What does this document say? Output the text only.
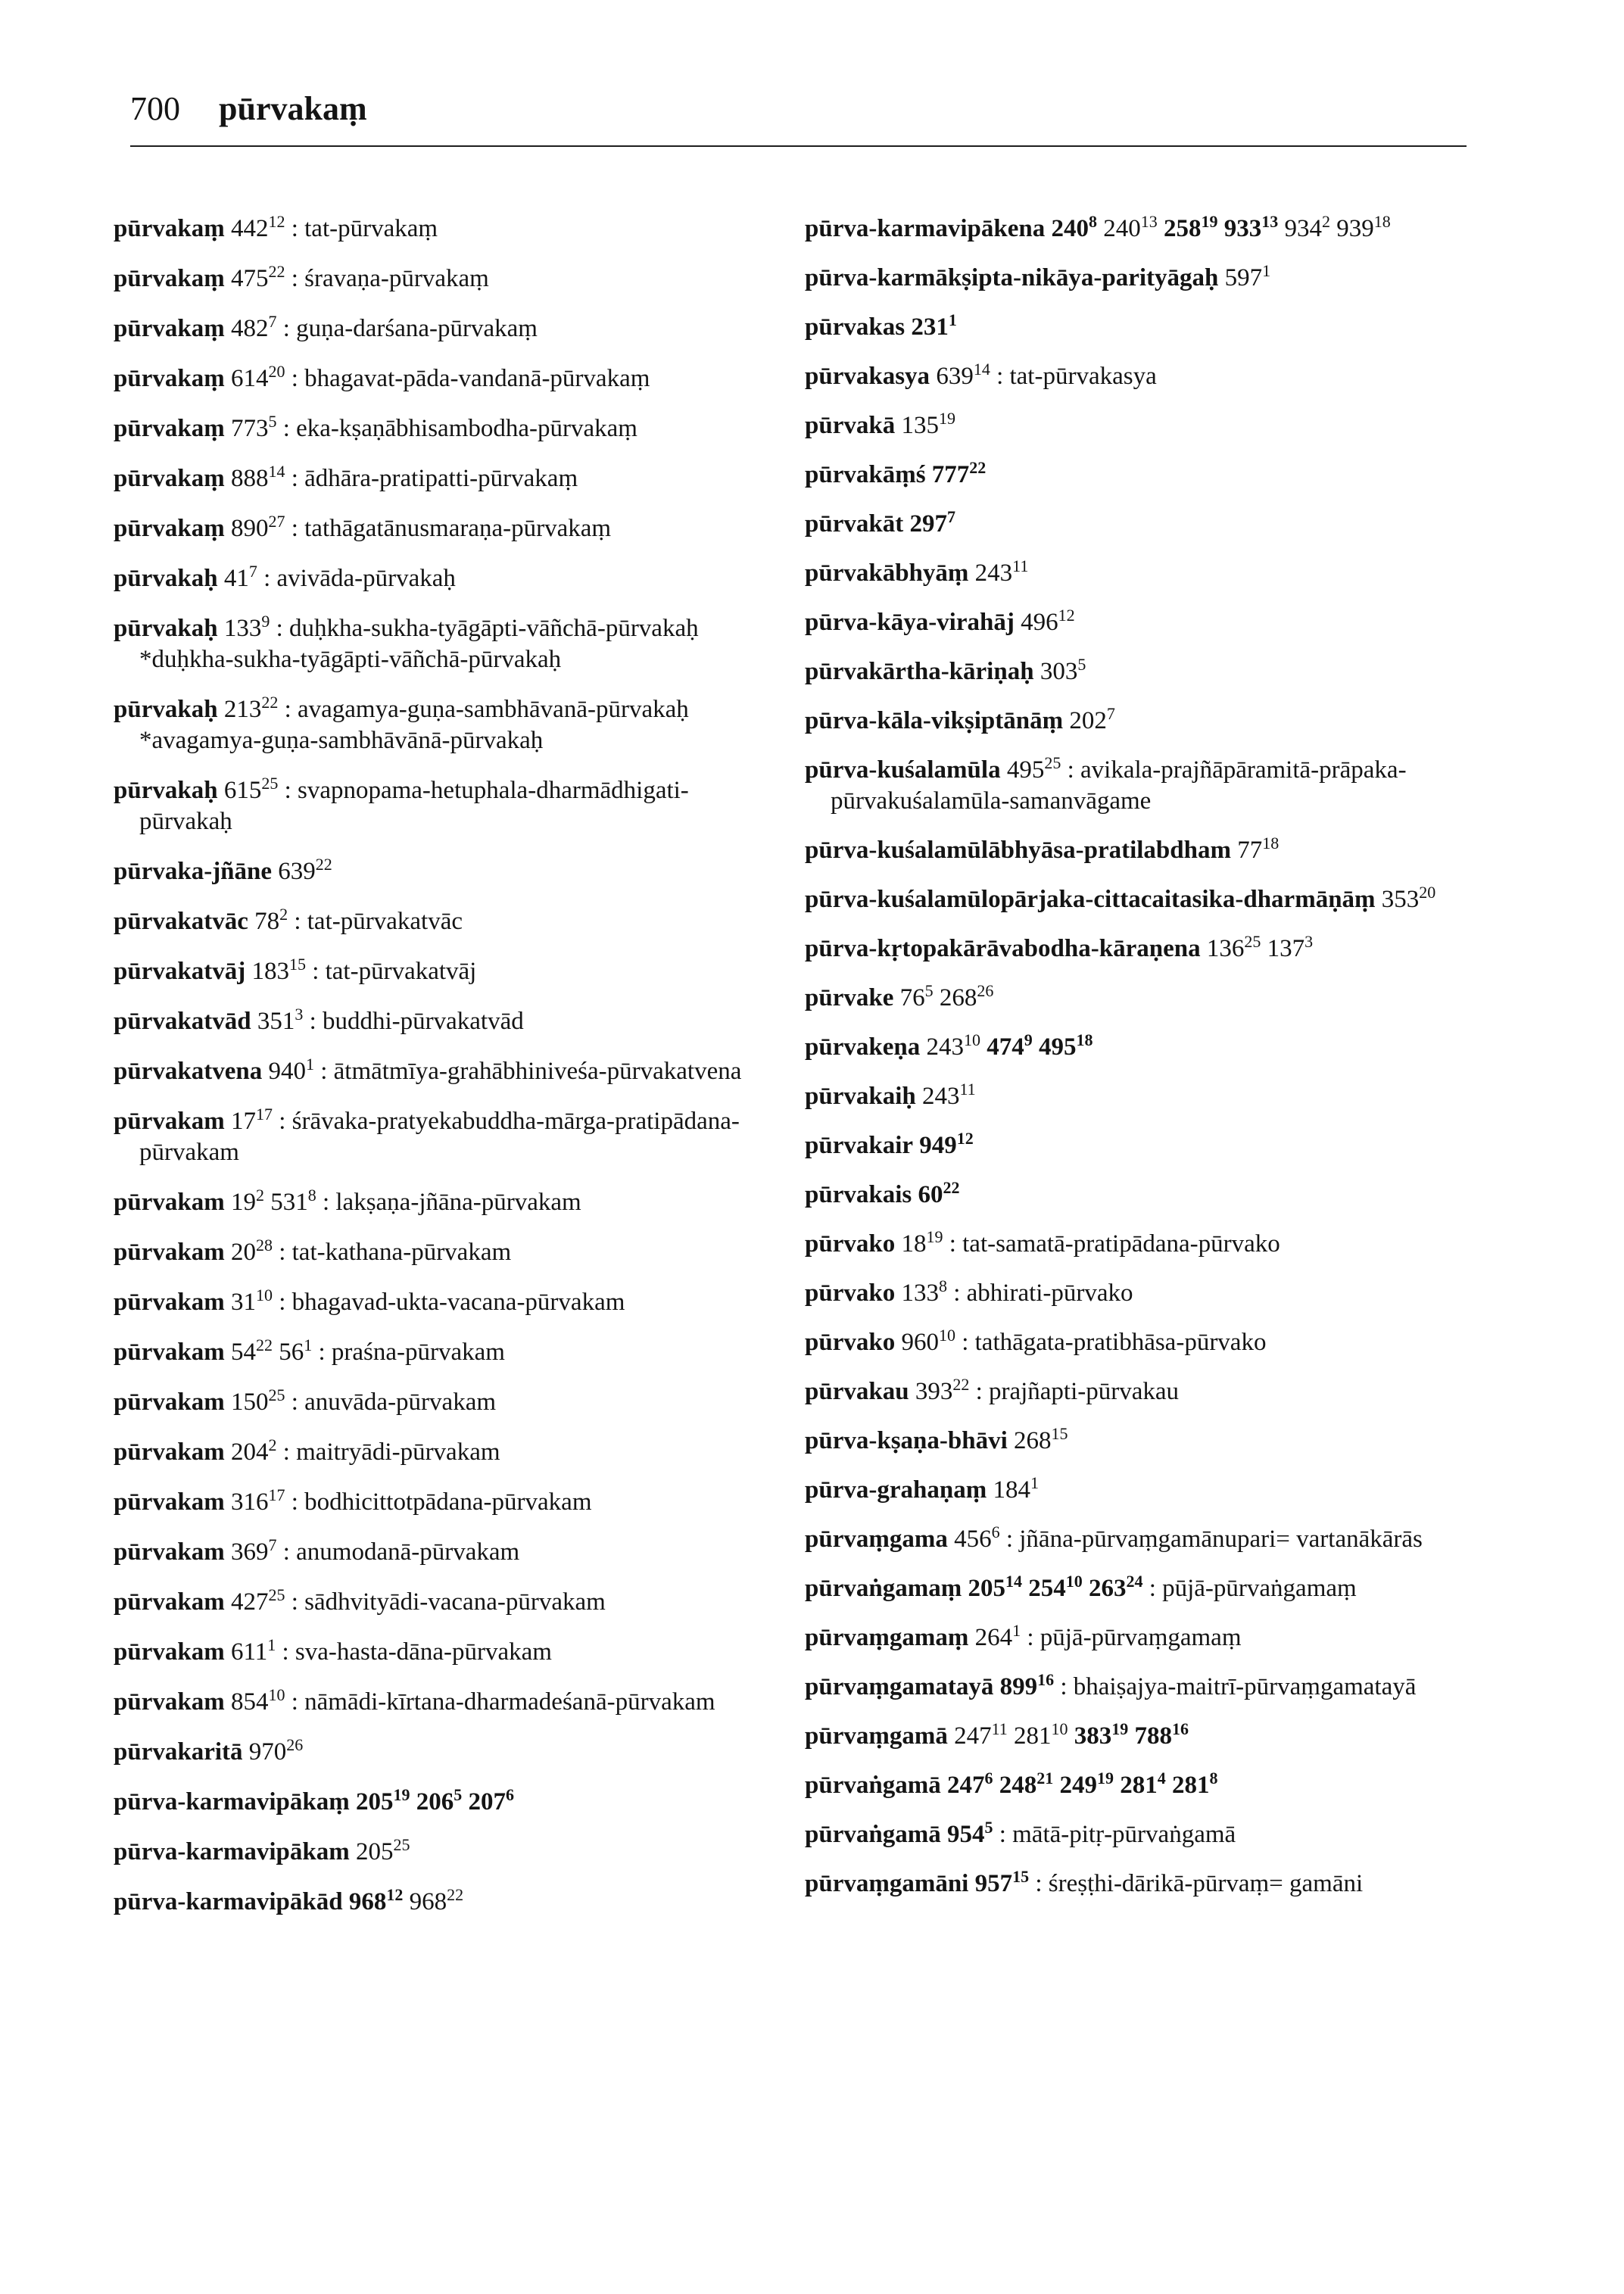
700 pūrvakaṃ
pūrvakaṃ $442^{12}$ : tat-pūrvakaṃ
pūrvakaṃ $475^{22}$ : śravaṇa-pūrvakaṃ
pūrvakaṃ $482^7$ : guṇa-darśana-pūrvakaṃ
pūrvakaṃ $614^{20}$ : bhagavat-pāda-vandanā-pūrvakaṃ
pūrvakaṃ $773^5$ : eka-kṣaṇābhisambodha-pūrvakaṃ
pūrvakaṃ $888^{14}$ : ādhāra-pratipatti-pūrvakaṃ
pūrvakaṃ $890^{27}$ : tathāgatānusmaraṇa-pūrvakaṃ
pūrvakaḥ $41^7$ : avivāda-pūrvakaḥ
pūrvakaḥ $133^9$ : duḥkha-sukha-tyāgāpti-vāñchā-pūrvakaḥ *duḥkha-sukha-tyāgāpti-vāñchā-pūrvakaḥ
pūrvakaḥ $213^{22}$ : avagamya-guṇa-sambhāvanā-pūrvakaḥ *avagamya-guṇa-sambhāvānā-pūrvakaḥ
pūrvakaḥ $615^{25}$ : svapnopama-hetuphala-dharmādhigati-pūrvakaḥ
pūrvaka-jñāne $639^{22}$
pūrvakatvāc $78^2$ : tat-pūrvakatvāc
pūrvakatvāj $183^{15}$ : tat-pūrvakatvāj
pūrvakatvād $351^3$ : buddhi-pūrvakatvād
pūrvakatvena $940^1$ : ātmātmīya-grahābhiniveśa-pūrvakatvena
pūrvakam $17^{17}$ : śrāvaka-pratyekabuddha-mārga-pratipādana-pūrvakam
pūrvakam $19^2$ $531^8$ : lakṣaṇa-jñāna-pūrvakam
pūrvakam $20^{28}$ : tat-kathana-pūrvakam
pūrvakam $31^{10}$ : bhagavad-ukta-vacana-pūrvakam
pūrvakam $54^{22}$ $56^1$ : praśna-pūrvakam
pūrvakam $150^{25}$ : anuvāda-pūrvakam
pūrvakam $204^2$ : maitryādi-pūrvakam
pūrvakam $316^{17}$ : bodhicittotpādana-pūrvakam
pūrvakam $369^7$ : anumodanā-pūrvakam
pūrvakam $427^{25}$ : sādhvityādi-vacana-pūrvakam
pūrvakam $611^1$ : sva-hasta-dāna-pūrvakam
pūrvakam $854^{10}$ : nāmādi-kīrtana-dharmadeśanā-pūrvakam
pūrvakaritā $970^{26}$
pūrva-karmavipākaṃ $205^{19}$ $206^5$ $207^6$
pūrva-karmavipākam $205^{25}$
pūrva-karmavipākād $968^{12}$ $968^{22}$
pūrva-karmavipākena $240^8$ $240^{13}$ $258^{19}$ $933^{13}$ $934^2$ $939^{18}$
pūrva-karmākṣipta-nikāya-parityāgaḥ $597^1$
pūrvakas $231^1$
pūrvakasya $639^{14}$ : tat-pūrvakasya
pūrvakā $135^{19}$
pūrvakāṃś $777^{22}$
pūrvakāt $297^7$
pūrvakābhyāṃ $243^{11}$
pūrva-kāya-virahāj $496^{12}$
pūrvakārtha-kāriṇaḥ $303^5$
pūrva-kāla-vikṣiptānāṃ $202^7$
pūrva-kuśalamūla $495^{25}$ : avikala-prajñāpāramitā-prāpaka-pūrvakuśalamūla-samanvāgame
pūrva-kuśalamūlābhyāsa-pratilabdham $77^{18}$
pūrva-kuśalamūlopārjaka-cittacaitasika-dharmāṇāṃ $353^{20}$
pūrva-kṛtopakārāvabodha-kāraṇena $136^{25}$ $137^3$
pūrvake $76^5$ $268^{26}$
pūrvakeṇa $243^{10}$ $474^9$ $495^{18}$
pūrvakaiḥ $243^{11}$
pūrvakair $949^{12}$
pūrvakais $60^{22}$
pūrvako $18^{19}$ : tat-samatā-pratipādana-pūrvako
pūrvako $133^8$ : abhirati-pūrvako
pūrvako $960^{10}$ : tathāgata-pratibhāsa-pūrvako
pūrvakau $393^{22}$ : prajñapti-pūrvakau
pūrva-kṣaṇa-bhāvi $268^{15}$
pūrva-grahaṇaṃ $184^1$
pūrvaṃgama $456^6$ : jñāna-pūrvaṃgamānupari= vartanākārās
pūrvaṅgamaṃ $205^{14}$ $254^{10}$ $263^{24}$ : pūjā-pūrvaṅgamaṃ
pūrvaṃgamaṃ $264^1$ : pūjā-pūrvaṃgamaṃ
pūrvaṃgamatayā $899^{16}$ : bhaiṣajya-maitrī-pūrvaṃgamatayā
pūrvaṃgamā $247^{11}$ $281^{10}$ $383^{19}$ $788^{16}$
pūrvaṅgamā $247^6$ $248^{21}$ $249^{19}$ $281^4$ $281^8$
pūrvaṅgamā $954^5$ : mātā-pitṛ-pūrvaṅgamā
pūrvaṃgamāni $957^{15}$ : śreṣṭhi-dārikā-pūrvaṃ= gamāni
